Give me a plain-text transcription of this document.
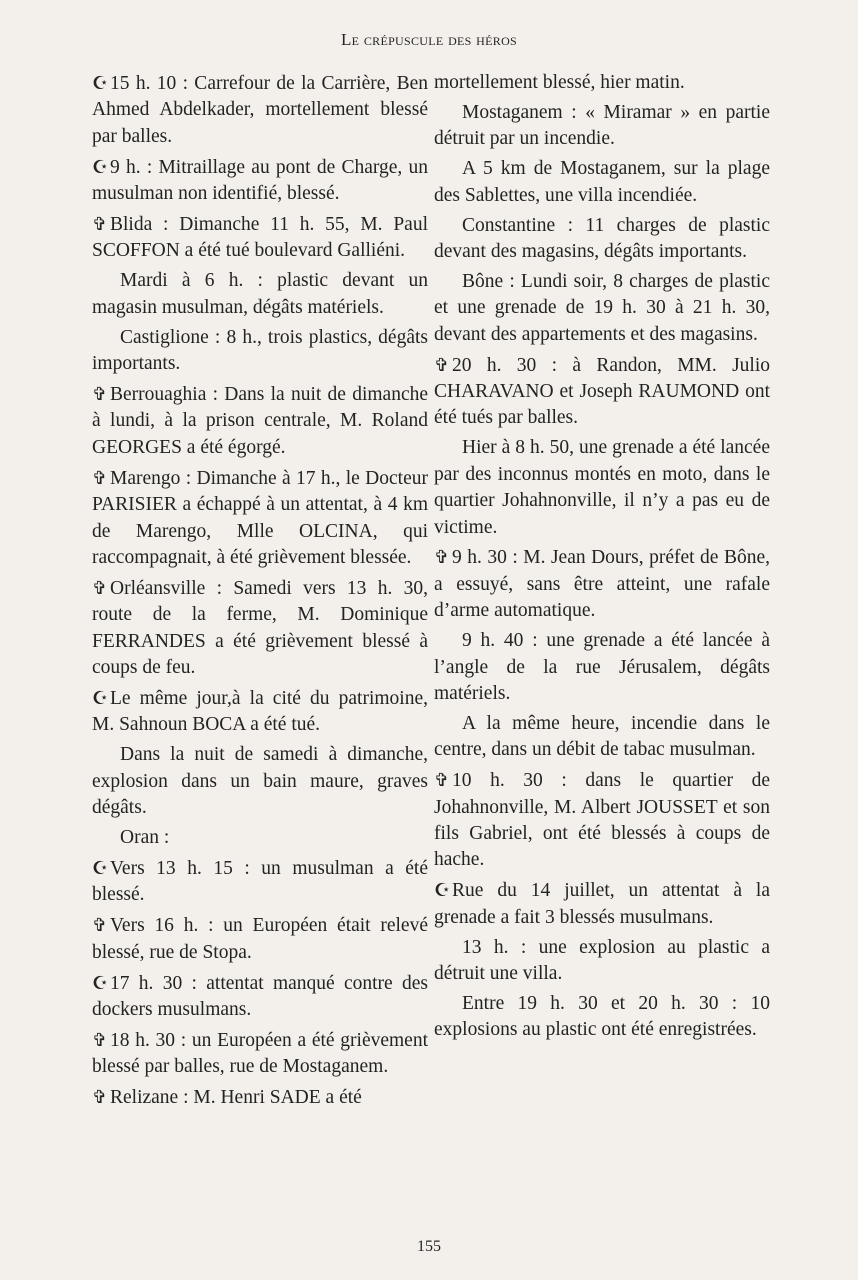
Le crépuscule des héros

☪15 h. 10 : Carrefour de la Carrière, Ben Ahmed Abdelkader, mortellement blessé par balles.

☪9 h. : Mitraillage au pont de Charge, un musulman non identifié, blessé.

✞ Blida : Dimanche 11 h. 55, M. Paul SCOFFON a été tué boulevard Galliéni.

Mardi à 6 h. : plastic devant un magasin musulman, dégâts matériels.

Castiglione : 8 h., trois plastics, dégâts importants.

✞ Berrouaghia : Dans la nuit de dimanche à lundi, à la prison centrale, M. Roland GEORGES a été égorgé.

✞ Marengo : Dimanche à 17 h., le Docteur PARISIER a échappé à un attentat, à 4 km de Marengo, Mlle OLCINA, qui raccompagnait, à été grièvement blessée.

✞ Orléansville : Samedi vers 13 h. 30, route de la ferme, M. Dominique FERRANDES a été grièvement blessé à coups de feu.

☪Le même jour,à la cité du patrimoine, M. Sahnoun BOCA a été tué.

Dans la nuit de samedi à dimanche, explosion dans un bain maure, graves dégâts.

Oran :

☪Vers 13 h. 15 : un musulman a été blessé.

✞ Vers 16 h. : un Européen était relevé blessé, rue de Stopa.

☪17 h. 30 : attentat manqué contre des dockers musulmans.

✞ 18 h. 30 : un Européen a été grièvement blessé par balles, rue de Mostaganem.

✞ Relizane : M. Henri SADE a été

mortellement blessé, hier matin.

Mostaganem : « Miramar » en partie détruit par un incendie.

A 5 km de Mostaganem, sur la plage des Sablettes, une villa incendiée.

Constantine : 11 charges de plastic devant des magasins, dégâts importants.

Bône : Lundi soir, 8 charges de plastic et une grenade de 19 h. 30 à 21 h. 30, devant des appartements et des magasins.

✞ 20 h. 30 : à Randon, MM. Julio CHARAVANO et Joseph RAUMOND ont été tués par balles.

Hier à 8 h. 50, une grenade a été lancée par des inconnus montés en moto, dans le quartier Johahnonville, il n’y a pas eu de victime.

✞ 9 h. 30 : M. Jean Dours, préfet de Bône, a essuyé, sans être atteint, une rafale d’arme automatique.

9 h. 40 : une grenade a été lancée à l’angle de la rue Jérusalem, dégâts matériels.

A la même heure, incendie dans le centre, dans un débit de tabac musulman.

✞ 10 h. 30 : dans le quartier de Johahnonville, M. Albert JOUSSET et son fils Gabriel, ont été blessés à coups de hache.

☪Rue du 14 juillet, un attentat à la grenade a fait 3 blessés musulmans.

13 h. : une explosion au plastic a détruit une villa.

Entre 19 h. 30 et 20 h. 30 : 10 explosions au plastic ont été enregistrées.

155
